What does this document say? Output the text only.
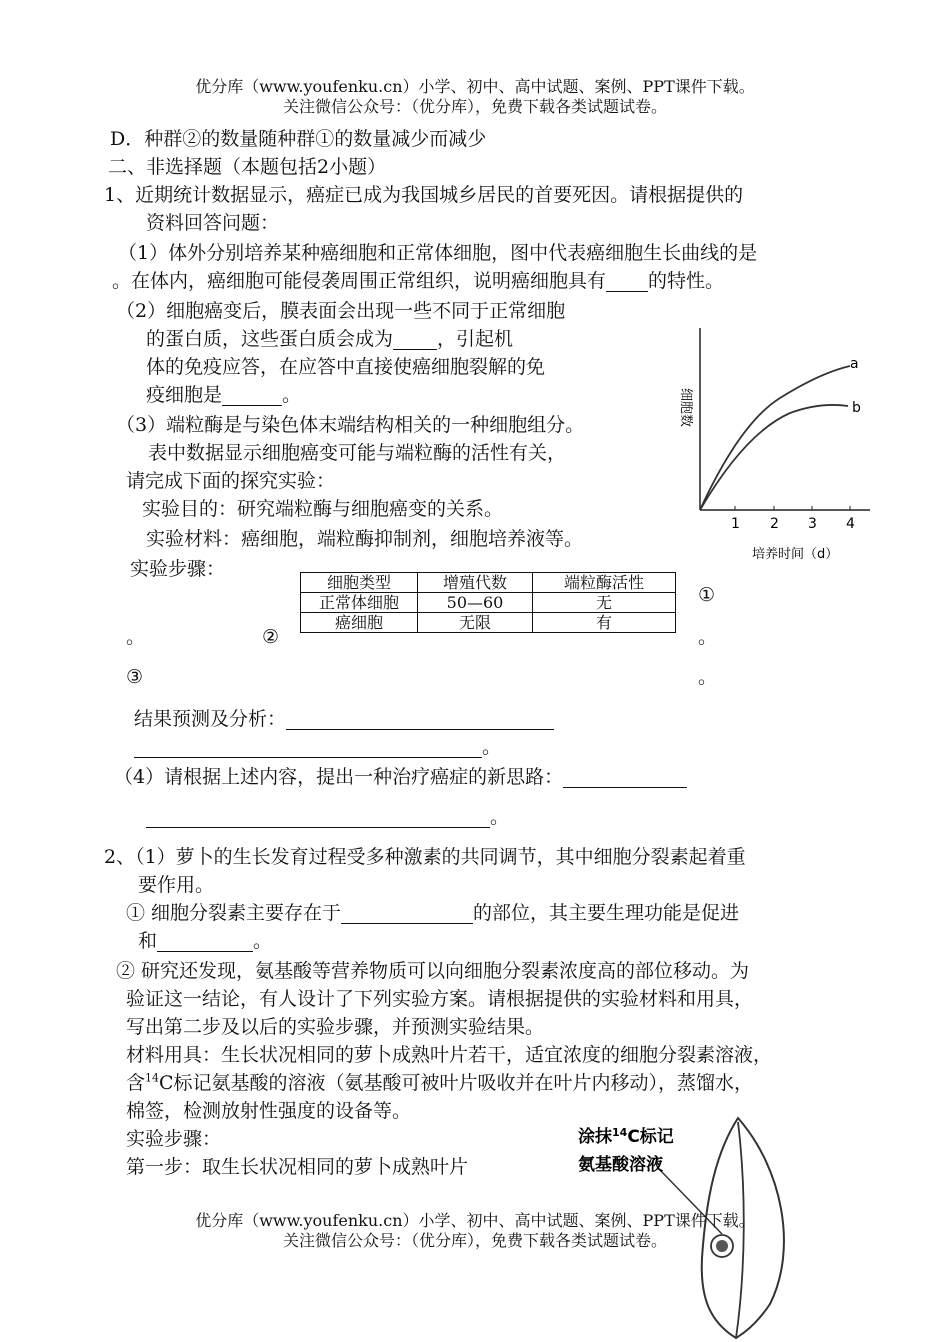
优分库（www.youfenku.cn）小学、初中、高中试题、案例、PPT课件下载。
关注微信公众号：（优分库），免费下载各类试题试卷。
D．种群②的数量随种群①的数量减少而减少
二、非选择题（本题包括2小题）
1、近期统计数据显示，癌症已成为我国城乡居民的首要死因。请根据提供的
资料回答问题：
（1）体外分别培养某种癌细胞和正常体细胞，图中代表癌细胞生长曲线的是
。在体内，癌细胞可能侵袭周围正常组织，说明癌细胞具有 的特性。
（2）细胞癌变后，膜表面会出现一些不同于正常细胞
的蛋白质，这些蛋白质会成为 ，引起机
体的免疫应答，在应答中直接使癌细胞裂解的免
疫细胞是	。
（3）端粒酶是与染色体末端结构相关的一种细胞组分。
表中数据显示细胞癌变可能与端粒酶的活性有关，
请完成下面的探究实验：
实验目的：研究端粒酶与细胞癌变的关系。
实验材料：癌细胞，端粒酶抑制剂，细胞培养液等。
实验步骤：
细胞类型	增殖代数	端粒酶活性
正常体细胞	50—60	无
癌细胞	无限	有
①
。	②	。
③	。
结果预测及分析：
。
（4）请根据上述内容，提出一种治疗癌症的新思路：
。
2、（1）萝卜的生长发育过程受多种激素的共同调节，其中细胞分裂素起着重
要作用。
① 细胞分裂素主要存在于	的部位，其主要生理功能是促进
和	。
② 研究还发现，氨基酸等营养物质可以向细胞分裂素浓度高的部位移动。为
验证这一结论，有人设计了下列实验方案。请根据提供的实验材料和用具，
写出第二步及以后的实验步骤，并预测实验结果。
材料用具：生长状况相同的萝卜成熟叶片若干，适宜浓度的细胞分裂素溶液，
含$^{14}$C标记氨基酸的溶液（氨基酸可被叶片吸收并在叶片内移动），蒸馏水，
棉签，检测放射性强度的设备等。
实验步骤：
第一步：取生长状况相同的萝卜成熟叶片
a
b
细胞数
1 2 3 4
培养时间（d）
涂抹$^{14}$C标记
氨基酸溶液
优分库（www.youfenku.cn）小学、初中、高中试题、案例、PPT课件下载。
关注微信公众号：（优分库），免费下载各类试题试卷。
